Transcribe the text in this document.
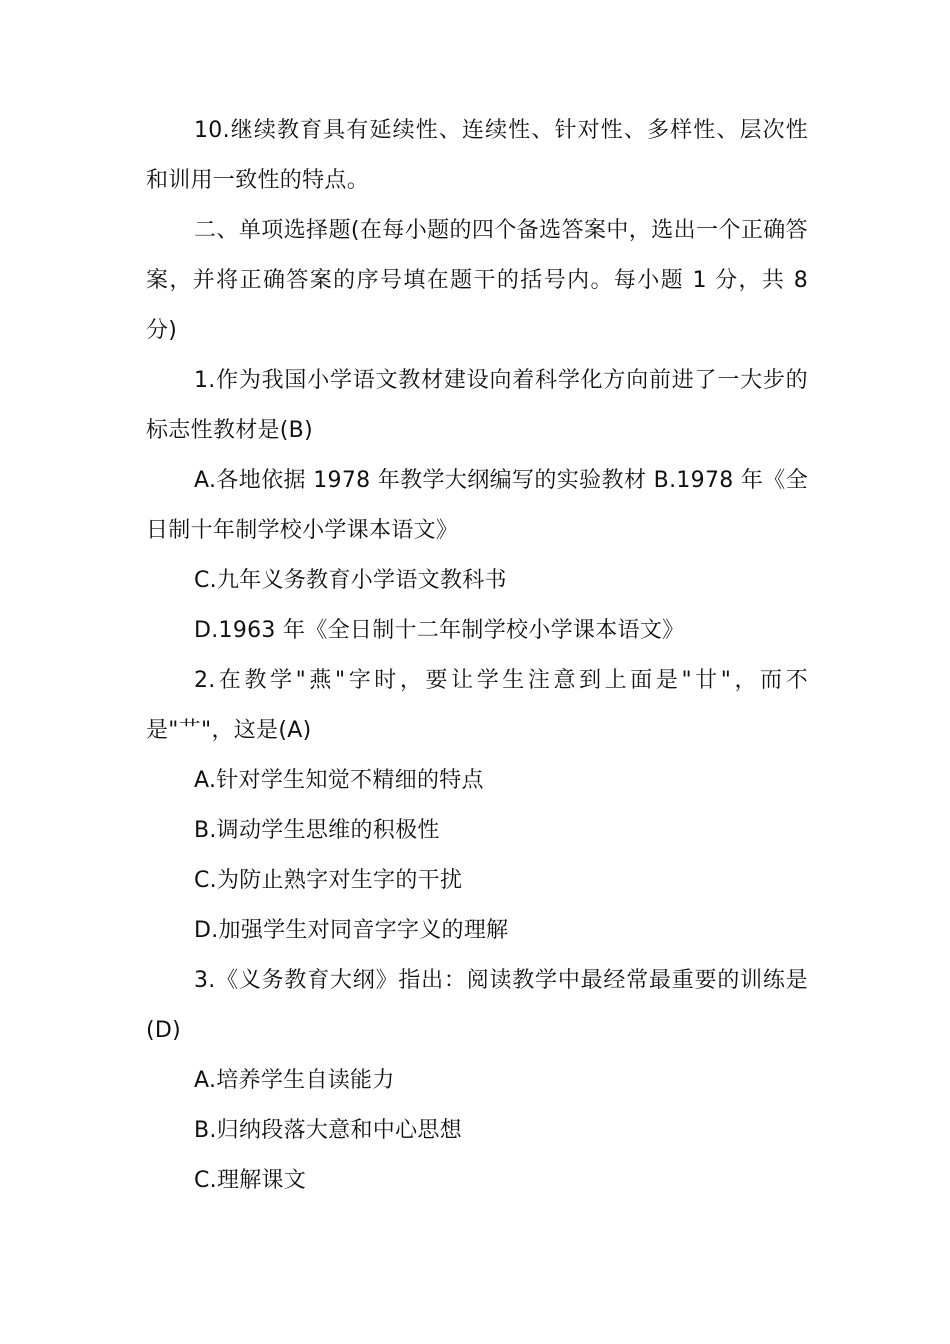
10.继续教育具有延续性、连续性、针对性、多样性、层次性和训用一致性的特点。

二、单项选择题(在每小题的四个备选答案中，选出一个正确答案，并将正确答案的序号填在题干的括号内。每小题 1 分，共 8 分)

1.作为我国小学语文教材建设向着科学化方向前进了一大步的标志性教材是(B)

A.各地依据 1978 年教学大纲编写的实验教材 B.1978 年《全日制十年制学校小学课本语文》

C.九年义务教育小学语文教科书

D.1963 年《全日制十二年制学校小学课本语文》

2.在教学"燕"字时，要让学生注意到上面是"廿"，而不是"艹"，这是(A)

A.针对学生知觉不精细的特点

B.调动学生思维的积极性

C.为防止熟字对生字的干扰

D.加强学生对同音字字义的理解

3.《义务教育大纲》指出：阅读教学中最经常最重要的训练是(D)

A.培养学生自读能力

B.归纳段落大意和中心思想

C.理解课文
